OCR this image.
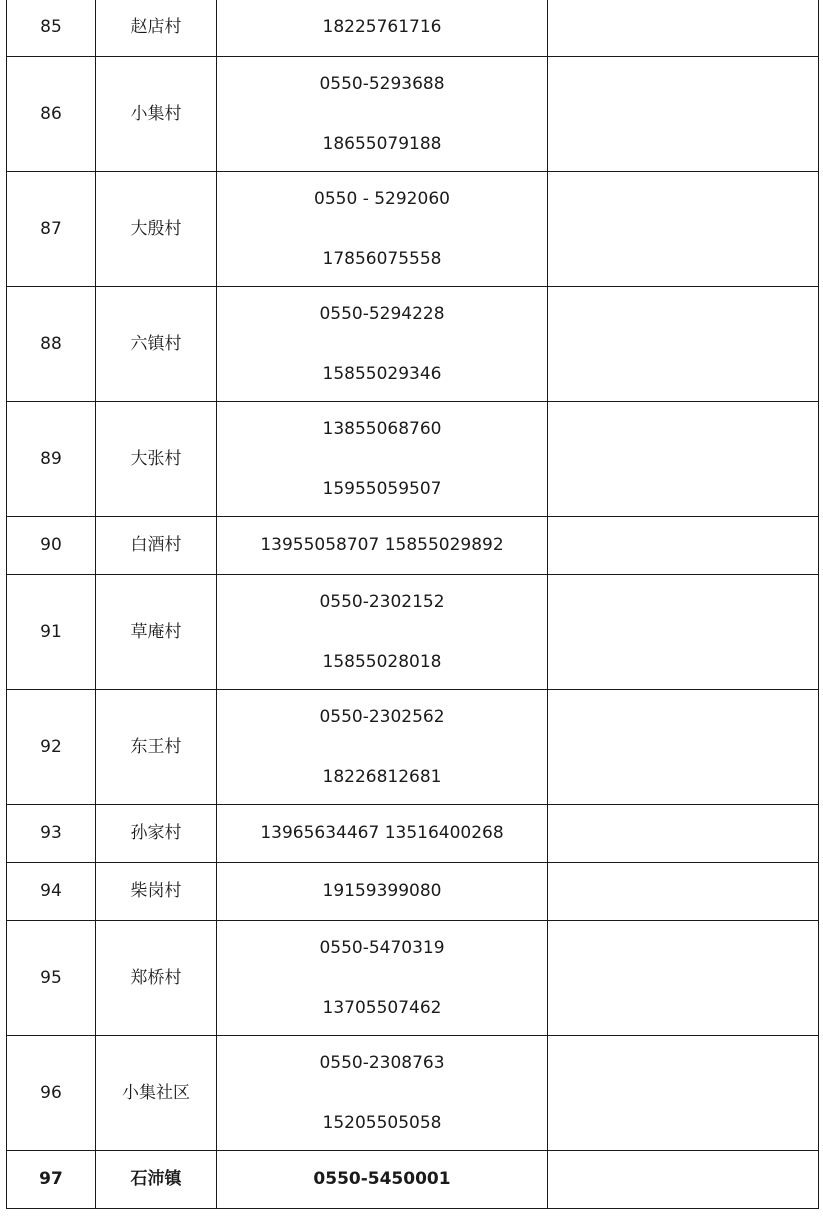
85	赵店村	18225761716	
86	小集村	0550-5293688
18655079188	

87	大殷村	0550 - 5292060
17856075558	

88	六镇村	0550-5294228
15855029346	

89	大张村	13855068760
15955059507	

90	白酒村	13955058707 15855029892	
91	草庵村	0550-2302152
15855028018	

92	东王村	0550-2302562
18226812681	

93	孙家村	13965634467 13516400268	
94	柴岗村	19159399080	
95	郑桥村	0550-5470319
13705507462	

96	小集社区	0550-2308763
15205505058	

97	石沛镇	0550-5450001	
